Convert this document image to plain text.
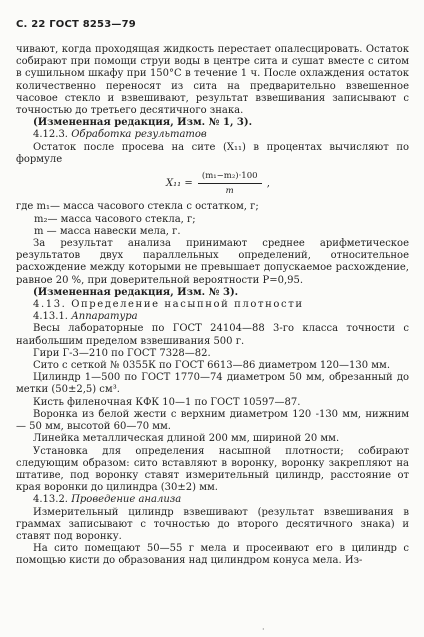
С. 22 ГОСТ 8253—79

чивают, когда проходящая жидкость перестает опалесцировать. Остаток собирают при помощи струи воды в центре сита и сушат вместе с ситом в сушильном шкафу при 150°С в течение 1 ч. После охлаждения остаток количественно переносят из сита на предварительно взвешенное часовое стекло и взвешивают, результат взвешивания записывают с точностью до третьего десятичного знака.

(Измененная редакция, Изм. № 1, 3).

4.12.3. Обработка результатов

Остаток после просева на сите (X₁₁) в процентах вычисляют по формуле

$X_{11} = \frac{\text{(m₁−m₂)·100}}{m}$ ,

где m₁— масса часового стекла с остатком, г;

m₂— масса часового стекла, г;

m — масса навески мела, г.

За результат анализа принимают среднее арифметическое результатов двух параллельных определений, относительное расхождение между которыми не превышает допускаемое расхождение, равное 20 %, при доверительной вероятности P=0,95.

(Измененная редакция, Изм. № 3).

4.13. Определение насыпной плотности

4.13.1. Аппаратура

Весы лабораторные по ГОСТ 24104—88 3-го класса точности с наибольшим пределом взвешивания 500 г.

Гири Г-3—210 по ГОСТ 7328—82.

Сито с сеткой № 0355К по ГОСТ 6613—86 диаметром 120—130 мм.

Цилиндр 1—500 по ГОСТ 1770—74 диаметром 50 мм, обрезанный до метки (50±2,5) см³.

Кисть филеночная КФК 10—1 по ГОСТ 10597—87.

Воронка из белой жести с верхним диаметром 120 -130 мм, нижним — 50 мм, высотой 60—70 мм.

Линейка металлическая длиной 200 мм, шириной 20 мм.

Установка для определения насыпной плотности; собирают следующим образом: сито вставляют в воронку, воронку закрепляют на штативе, под воронку ставят измерительный цилиндр, расстояние от края воронки до цилиндра (30±2) мм.

4.13.2. Проведение анализа

Измерительный цилиндр взвешивают (результат взвешивания в граммах записывают с точностью до второго десятичного знака) и ставят под воронку.

На сито помещают 50—55 г мела и просеивают его в цилиндр с помощью кисти до образования над цилиндром конуса мела. Из-

·
